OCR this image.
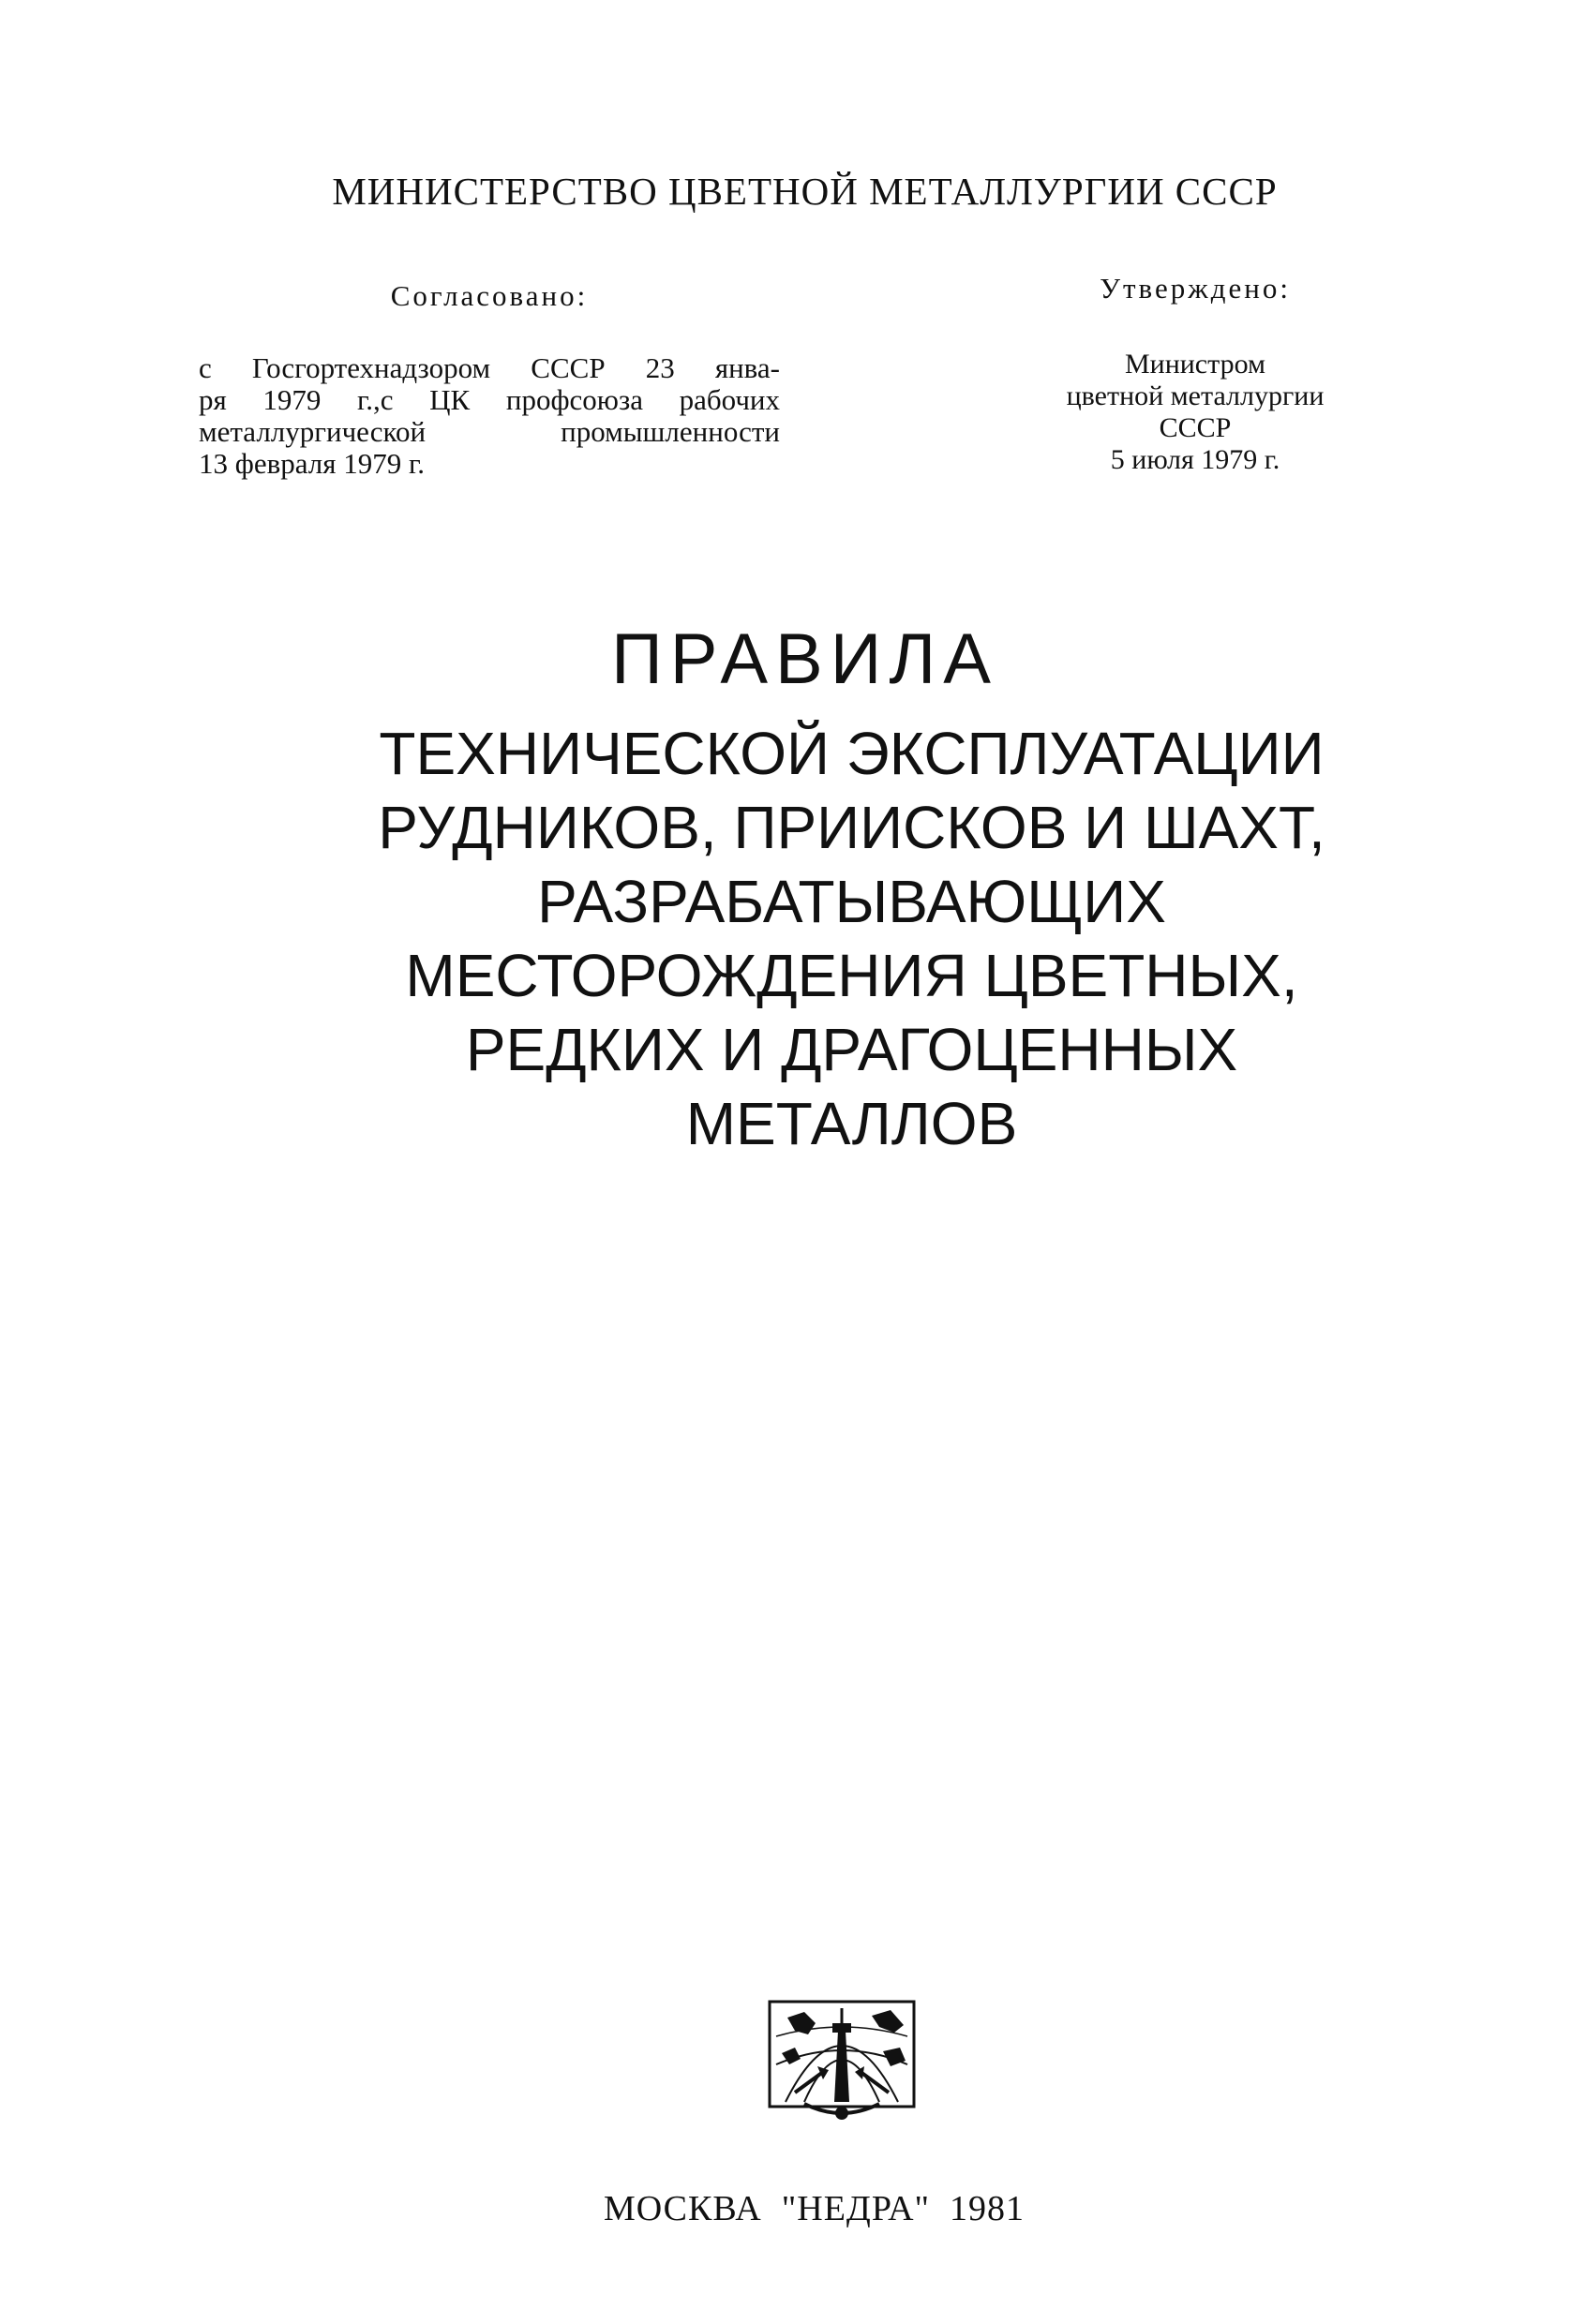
МИНИСТЕРСТВО ЦВЕТНОЙ МЕТАЛЛУРГИИ СССР
Согласовано:
с Госгортехнадзором СССР 23 янва-
ря 1979 г.,с ЦК профсоюза рабочих
металлургической промышленности
13 февраля 1979 г.
Утверждено:
Министром
цветной металлургии
СССР
5 июля 1979 г.
ПРАВИЛА
ТЕХНИЧЕСКОЙ ЭКСПЛУАТАЦИИ
РУДНИКОВ, ПРИИСКОВ И ШАХТ,
РАЗРАБАТЫВАЮЩИХ
МЕСТОРОЖДЕНИЯ ЦВЕТНЫХ,
РЕДКИХ И ДРАГОЦЕННЫХ
МЕТАЛЛОВ
МОСКВА  "НЕДРА"  1981
